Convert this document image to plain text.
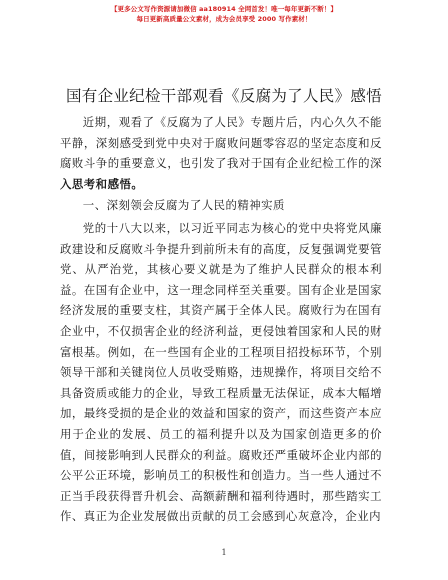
【更多公文写作资源请加微信 aa180914 全网首发！唯一每年更新不断！】
每日更新高质量公文素材，成为会员享受 2000 写作素材！
国有企业纪检干部观看《反腐为了人民》感悟

近期，观看了《反腐为了人民》专题片后，内心久久不能平静，深刻感受到党中央对于腐败问题零容忍的坚定态度和反腐败斗争的重要意义，也引发了我对于国有企业纪检工作的深入思考和感悟。

一、深刻领会反腐为了人民的精神实质

党的十八大以来，以习近平同志为核心的党中央将党风廉政建设和反腐败斗争提升到前所未有的高度，反复强调党要管党、从严治党，其核心要义就是为了维护人民群众的根本利益。在国有企业中，这一理念同样至关重要。国有企业是国家经济发展的重要支柱，其资产属于全体人民。腐败行为在国有企业中，不仅损害企业的经济利益，更侵蚀着国家和人民的财富根基。例如，在一些国有企业的工程项目招投标环节，个别领导干部和关键岗位人员收受贿赂，违规操作，将项目交给不具备资质或能力的企业，导致工程质量无法保证，成本大幅增加，最终受损的是企业的效益和国家的资产，而这些资产本应用于企业的发展、员工的福利提升以及为国家创造更多的价值，间接影响到人民群众的利益。腐败还严重破坏企业内部的公平公正环境，影响员工的积极性和创造力。当一些人通过不正当手段获得晋升机会、高额薪酬和福利待遇时，那些踏实工作、真正为企业发展做出贡献的员工会感到心灰意冷，企业内

1
